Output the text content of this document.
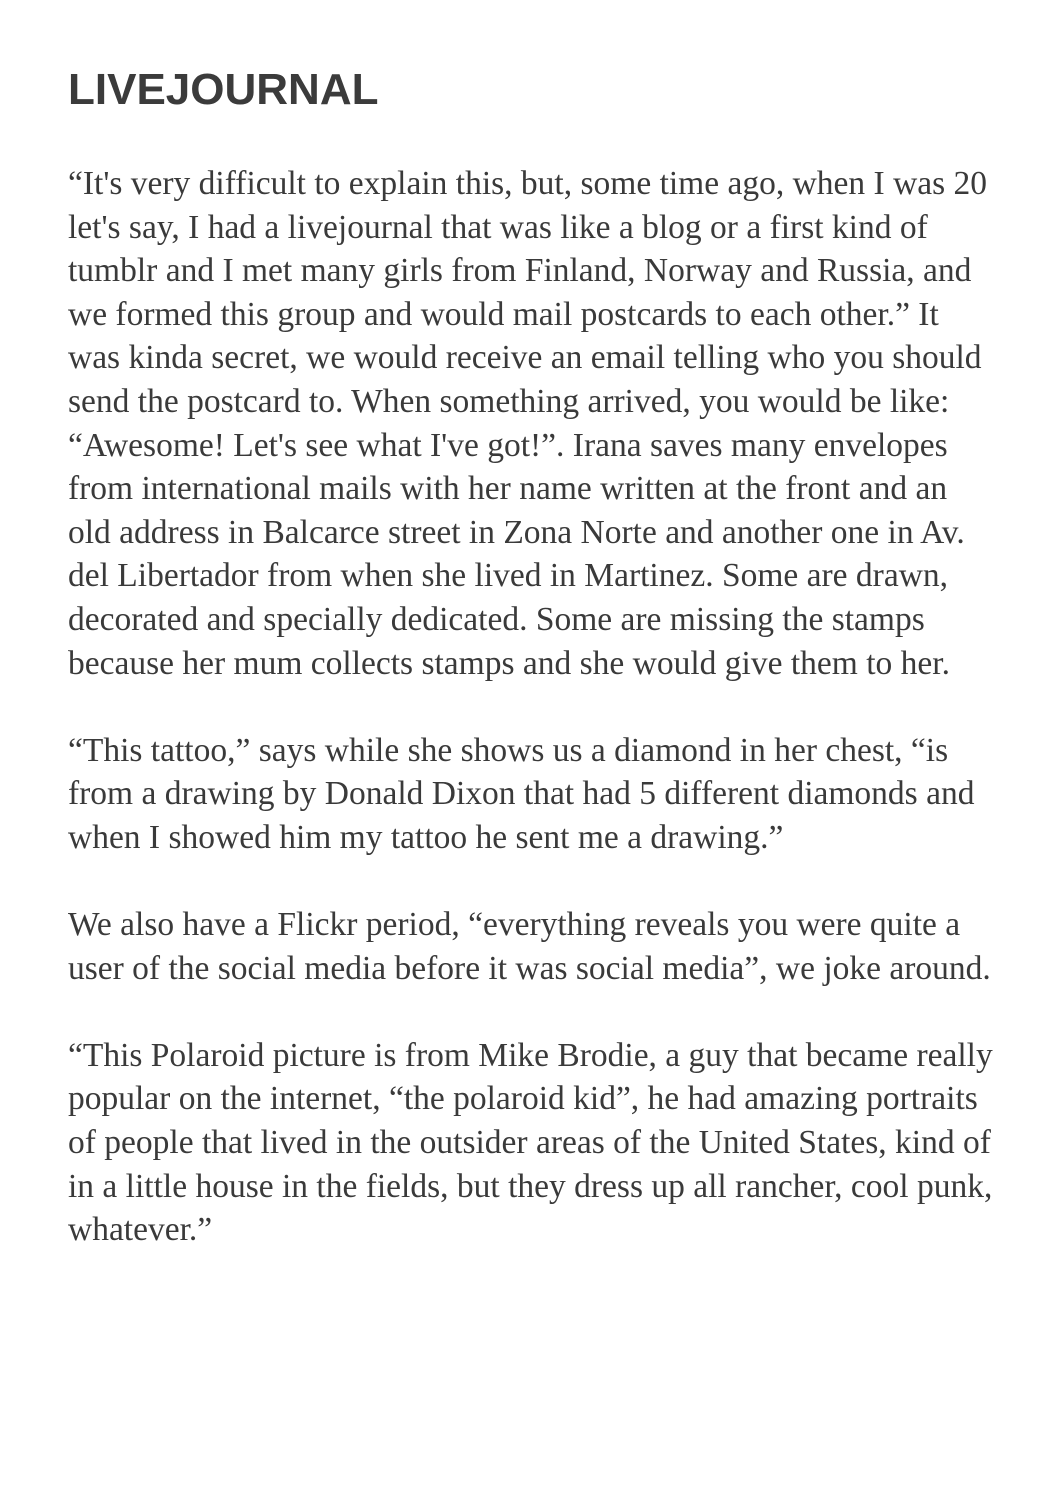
LIVEJOURNAL

“It's very difficult to explain this, but, some time ago, when I was 20 let's say, I had a livejournal that was like a blog or a first kind of tumblr and I met many girls from Finland, Norway and Russia, and we formed this group and would mail postcards to each other.” It was kinda secret, we would receive an email telling who you should send the postcard to. When something arrived, you would be like: “Awesome! Let's see what I've got!”. Irana saves many envelopes from international mails with her name written at the front and an old address in Balcarce street in Zona Norte and another one in Av. del Libertador from when she lived in Martinez. Some are drawn, decorated and specially dedicated. Some are missing the stamps because her mum collects stamps and she would give them to her.

“This tattoo,” says while she shows us a diamond in her chest, “is from a drawing by Donald Dixon that had 5 different diamonds and when I showed him my tattoo he sent me a drawing.”

We also have a Flickr period, “everything reveals you were quite a user of the social media before it was social media”, we joke around.

“This Polaroid picture is from Mike Brodie, a guy that became really popular on the internet, “the polaroid kid”, he had amazing portraits of people that lived in the outsider areas of the United States, kind of in a little house in the fields, but they dress up all rancher, cool punk, whatever.”
